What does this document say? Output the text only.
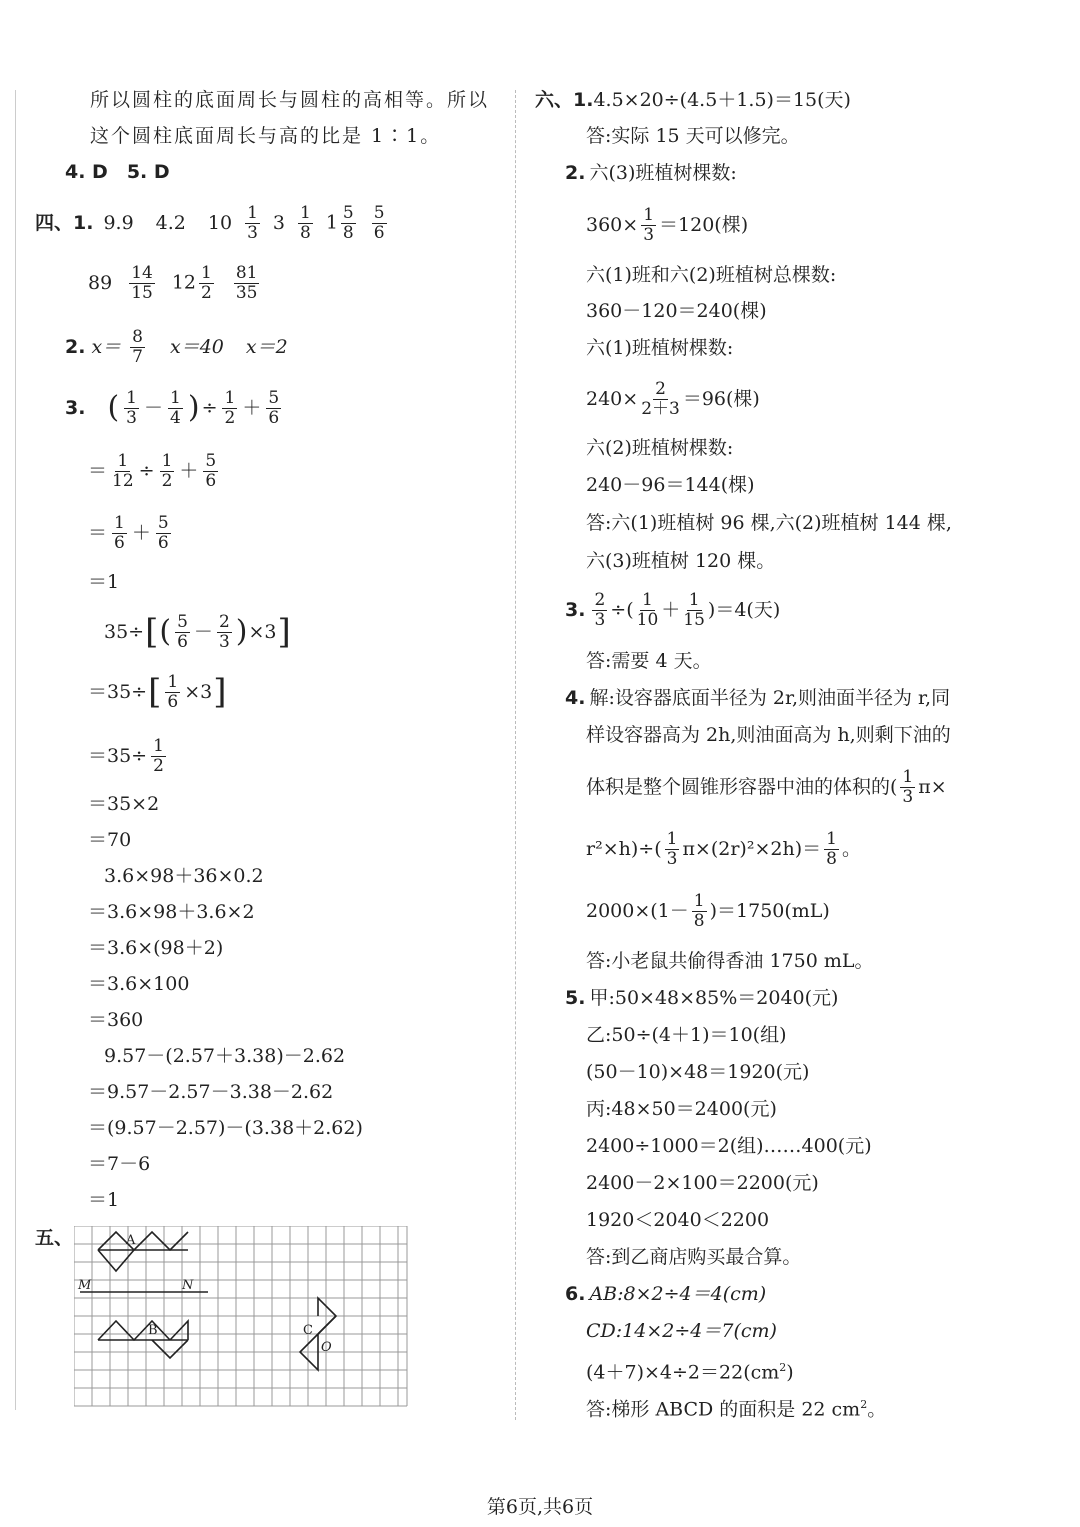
所以圆柱的底面周长与圆柱的高相等。所以
这个圆柱底面周长与高的比是 1∶1。
4. D　5. D
四、1. 9.9 4.2 $10 \frac{1}{3} 3 \frac{1}{8} 1 \frac{5}{8} \frac{5}{6}$
$89 \frac{14}{15} 12 \frac{1}{2} \frac{81}{35}$
2. $x= \frac{8}{7} x=40$ x＝2
3. ( $\frac{1}{3} - \frac{1}{4}$ ) ÷ $\frac{1}{2} + \frac{5}{6}$
＝ $\frac{1}{12} \div \frac{1}{2} + \frac{5}{6}$
＝ $\frac{1}{6} + \frac{5}{6}$
＝1
35÷ [ ( $\frac{5}{6} - \frac{2}{3}$ ) ×3 ]
＝35÷ [ $\frac{1}{6} \times 3$ ]
$=35\div \frac{1}{2}$
＝35×2
＝70
3.6×98＋36×0.2
＝3.6×98＋3.6×2
＝3.6×(98＋2)
＝3.6×100
＝360
9.57－(2.57＋3.38)－2.62
＝9.57－2.57－3.38－2.62
＝(9.57－2.57)－(3.38＋2.62)
＝7－6
＝1
五、	A
B	C
O
M	N
六、1.4.5×20÷(4.5＋1.5)＝15(天)
答:实际 15 天可以修完。
2. 六(3)班植树棵数:
$360\times \frac{1}{3} =120$(棵)
六(1)班和六(2)班植树总棵数:
360－120＝240(棵)
六(1)班植树棵数:
$240\times \frac{2}{2+3} =96$(棵)
六(2)班植树棵数:
240－96＝144(棵)
答:六(1)班植树 96 棵,六(2)班植树 144 棵,
六(3)班植树 120 棵。
3. $\frac{2}{3}$ ÷( $\frac{1}{10} + \frac{1}{15} )=4$(天)
答:需要 4 天。
4. 解:设容器底面半径为 2r,则油面半径为 r,同
样设容器高为 2h,则油面高为 h,则剩下油的
体积是整个圆锥形容器中油的体积的( $\frac{1}{3} \pi\times$
$r^2\times h)\div( \frac{1}{3} \pi\times(2r)^2\times 2h)= \frac{1}{8}$ 。
$2000\times(1- \frac{1}{8} )=1750(mL)$
答:小老鼠共偷得香油 1750 mL。
5. 甲:50×48×85%＝2040(元)
乙:50÷(4＋1)＝10(组)
(50－10)×48＝1920(元)
丙:48×50＝2400(元)
2400÷1000＝2(组)……400(元)
2400－2×100＝2200(元)
1920＜2040＜2200
答:到乙商店购买最合算。
6. AB:8×2÷4＝4(cm)
CD:14×2÷4＝7(cm)
$(4+7)\times 4\div 2=22(cm^2)$
答:梯形 ABCD 的面积是 22 $cm^2$。
第6页,共6页
